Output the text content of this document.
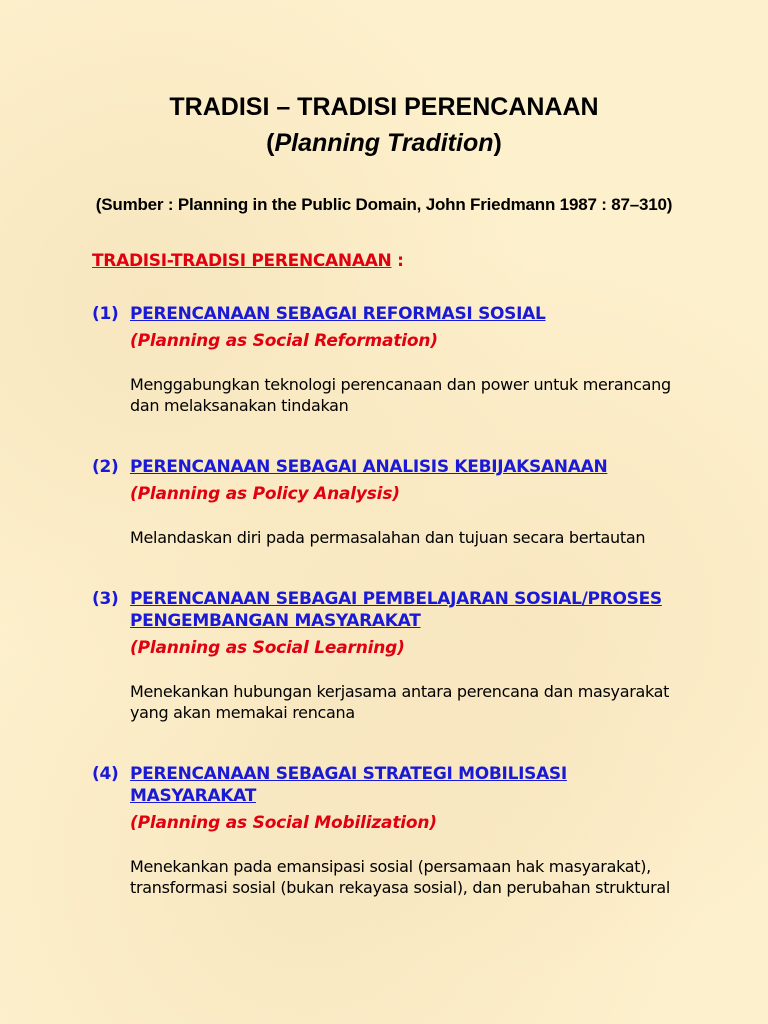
TRADISI – TRADISI PERENCANAAN
(Planning Tradition)
(Sumber : Planning in the Public Domain, John Friedmann 1987 : 87–310)
TRADISI-TRADISI PERENCANAAN :
(1) PERENCANAAN SEBAGAI REFORMASI SOSIAL
(Planning as Social Reformation)
Menggabungkan teknologi perencanaan dan power untuk merancang dan melaksanakan tindakan
(2) PERENCANAAN SEBAGAI ANALISIS KEBIJAKSANAAN
(Planning as Policy Analysis)
Melandaskan diri pada permasalahan dan tujuan secara bertautan
(3) PERENCANAAN SEBAGAI PEMBELAJARAN SOSIAL/PROSES
PENGEMBANGAN MASYARAKAT
(Planning as Social Learning)
Menekankan hubungan kerjasama antara perencana dan masyarakat yang akan memakai rencana
(4) PERENCANAAN SEBAGAI STRATEGI MOBILISASI
MASYARAKAT
(Planning as Social Mobilization)
Menekankan pada emansipasi sosial (persamaan hak masyarakat), transformasi sosial (bukan rekayasa sosial), dan perubahan struktural
